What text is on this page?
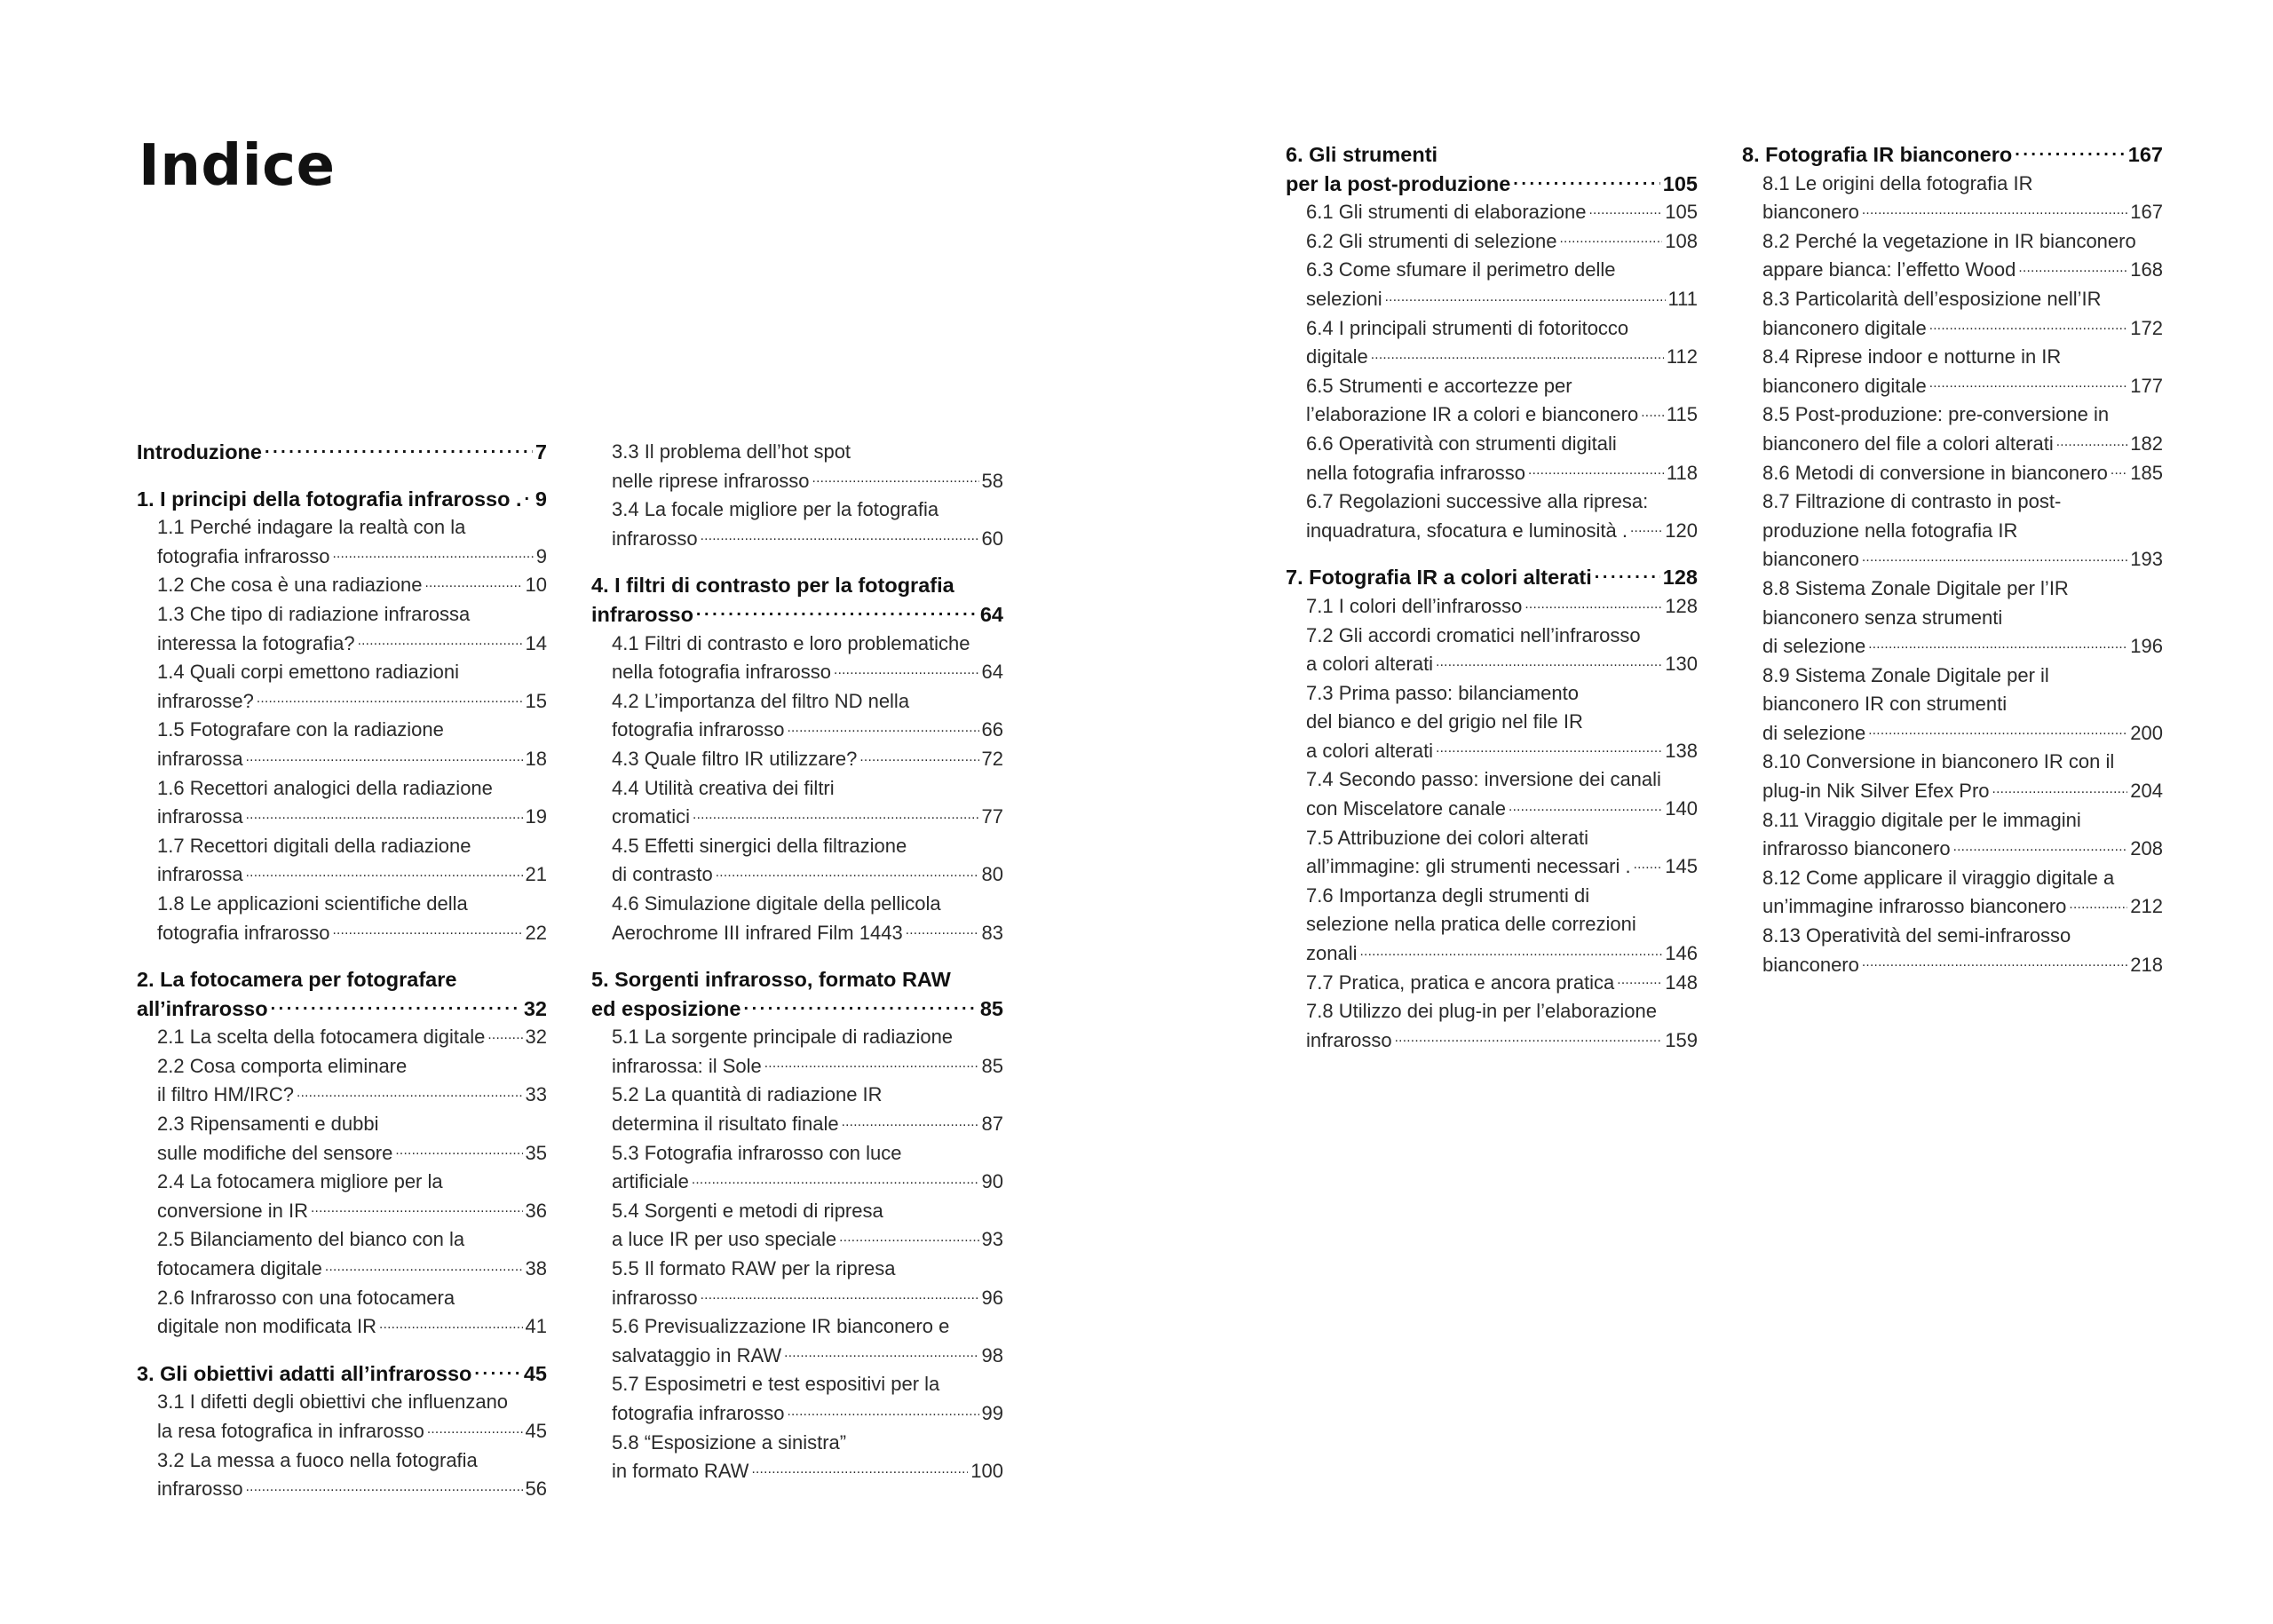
Indice
Introduzione . . .	7
1. I principi della fotografia infrarosso . . . . 9
1.1 Perché indagare la realtà con la
fotografia infrarosso . . .	9
1.2 Che cosa è una radiazione . . .	10
1.3 Che tipo di radiazione infrarossa
interessa la fotografia? . . .	14
1.4 Quali corpi emettono radiazioni
infrarosse? . . .	15
1.5 Fotografare con la radiazione
infrarossa . . .	18
1.6 Recettori analogici della radiazione
infrarossa . . .	19
1.7 Recettori digitali della radiazione
infrarossa . . .	21
1.8 Le applicazioni scientifiche della
fotografia infrarosso . . .	22
2. La fotocamera per fotografare
all’infrarosso . . .	32
2.1 La scelta della fotocamera digitale . . . 32
2.2 Cosa comporta eliminare
il filtro HM/IRC? . . .	33
2.3 Ripensamenti e dubbi
sulle modifiche del sensore . . .	35
2.4 La fotocamera migliore per la
conversione in IR . . .	36
2.5 Bilanciamento del bianco con la
fotocamera digitale . . .	38
2.6 Infrarosso con una fotocamera
digitale non modificata IR . . .	41
3. Gli obiettivi adatti all’infrarosso . . . 45
3.1 I difetti degli obiettivi che influenzano
la resa fotografica in infrarosso . . .	45
3.2 La messa a fuoco nella fotografia
infrarosso . . .	56
3.3 Il problema dell’hot spot
nelle riprese infrarosso . . .	58
3.4 La focale migliore per la fotografia
infrarosso . . .	60
4. I filtri di contrasto per la fotografia
infrarosso . . .	64
4.1 Filtri di contrasto e loro problematiche
nella fotografia infrarosso . . .	64
4.2 L’importanza del filtro ND nella
fotografia infrarosso . . .	66
4.3 Quale filtro IR utilizzare? . . .	72
4.4 Utilità creativa dei filtri
cromatici . . .	77
4.5 Effetti sinergici della filtrazione
di contrasto . . .	80
4.6 Simulazione digitale della pellicola
Aerochrome III infrared Film 1443 . . .	83
5. Sorgenti infrarosso, formato RAW
ed esposizione . . .	85
5.1 La sorgente principale di radiazione
infrarossa: il Sole . . .	85
5.2 La quantità di radiazione IR
determina il risultato finale . . .	87
5.3 Fotografia infrarosso con luce
artificiale . . .	90
5.4 Sorgenti e metodi di ripresa
a luce IR per uso speciale . . .	93
5.5 Il formato RAW per la ripresa
infrarosso . . .	96
5.6 Previsualizzazione IR bianconero e
salvataggio in RAW . . .	98
5.7 Esposimetri e test espositivi per la
fotografia infrarosso . . .	99
5.8 “Esposizione a sinistra”
in formato RAW . . .	100
6. Gli strumenti
per la post-produzione . . .	105
6.1 Gli strumenti di elaborazione . . .	105
6.2 Gli strumenti di selezione . . .	108
6.3 Come sfumare il perimetro delle
selezioni . . .	111
6.4 I principali strumenti di fotoritocco
digitale . . .	112
6.5 Strumenti e accortezze per
l’elaborazione IR a colori e bianconero . . . 115
6.6 Operatività con strumenti digitali
nella fotografia infrarosso . . .	118
6.7 Regolazioni successive alla ripresa:
inquadratura, sfocatura e luminosità . . . . 120
7. Fotografia IR a colori alterati . . .	128
7.1 I colori dell’infrarosso . . .	128
7.2 Gli accordi cromatici nell’infrarosso
a colori alterati . . .	130
7.3 Prima passo: bilanciamento
del bianco e del grigio nel file IR
a colori alterati . . .	138
7.4 Secondo passo: inversione dei canali
con Miscelatore canale . . .	140
7.5 Attribuzione dei colori alterati
all’immagine: gli strumenti necessari . . . . 145
7.6 Importanza degli strumenti di
selezione nella pratica delle correzioni
zonali . . .	146
7.7 Pratica, pratica e ancora pratica . . .	148
7.8 Utilizzo dei plug-in per l’elaborazione
infrarosso . . .	159
8. Fotografia IR bianconero . . .	167
8.1 Le origini della fotografia IR
bianconero . . .	167
8.2 Perché la vegetazione in IR bianconero
appare bianca: l’effetto Wood . . .	168
8.3 Particolarità dell’esposizione nell’IR
bianconero digitale . . .	172
8.4 Riprese indoor e notturne in IR
bianconero digitale . . .	177
8.5 Post-produzione: pre-conversione in
bianconero del file a colori alterati . . .	182
8.6 Metodi di conversione in bianconero . . . 185
8.7 Filtrazione di contrasto in post-
produzione nella fotografia IR
bianconero . . .	193
8.8 Sistema Zonale Digitale per l’IR
bianconero senza strumenti
di selezione . . .	196
8.9 Sistema Zonale Digitale per il
bianconero IR con strumenti
di selezione . . .	200
8.10 Conversione in bianconero IR con il
plug-in Nik Silver Efex Pro . . .	204
8.11 Viraggio digitale per le immagini
infrarosso bianconero . . .	208
8.12 Come applicare il viraggio digitale a
un’immagine infrarosso bianconero . . .	212
8.13 Operatività del semi-infrarosso
bianconero . . .	218
